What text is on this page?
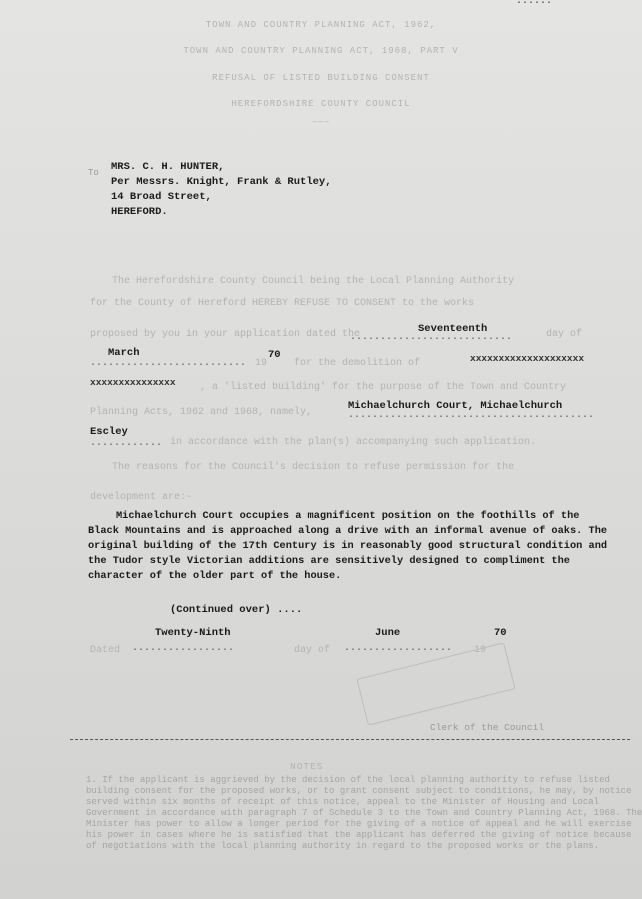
......
TOWN AND COUNTRY PLANNING ACT, 1962,
TOWN AND COUNTRY PLANNING ACT, 1968, PART V
REFUSAL OF LISTED BUILDING CONSENT
HEREFORDSHIRE COUNTY COUNCIL
———
To MRS. C. H. HUNTER,
Per Messrs. Knight, Frank & Rutley,
14 Broad Street,
HEREFORD.
The Herefordshire County Council being the Local Planning Authority
for the County of Hereford HEREBY REFUSE TO CONSENT to the works
proposed by you in your application dated the
...........................
Seventeenth	day of
March
.......................... 19
70
for the demolition of	xxxxxxxxxxxxxxxxxxxx
xxxxxxxxxxxxxxx , a 'listed building' for the purpose of the Town and Country
Planning Acts, 1962 and 1968, namely,
Michaelchurch Court, Michaelchurch
.........................................
Escley
............ in accordance with the plan(s) accompanying such application.
The reasons for the Council's decision to refuse permission for the
development are:-
Michaelchurch Court occupies a magnificent position on the foothills of the Black Mountains and is approached along a drive with an informal avenue of oaks. The original building of the 17th Century is in reasonably good structural condition and the Tudor style Victorian additions are sensitively designed to compliment the character of the older part of the house.
(Continued over) ....
Twenty-Ninth	June	70
Dated .................	day of .................. 19
Clerk of the Council
NOTES
1. If the applicant is aggrieved by the decision of the local planning authority to refuse listed building consent for the proposed works, or to grant consent subject to conditions, he may, by notice served within six months of receipt of this notice, appeal to the Minister of Housing and Local Government in accordance with paragraph 7 of Schedule 3 to the Town and Country Planning Act, 1968. The Minister has power to allow a longer period for the giving of a notice of appeal and he will exercise his power in cases where he is satisfied that the applicant has deferred the giving of notice because of negotiations with the local planning authority in regard to the proposed works or the plans.
